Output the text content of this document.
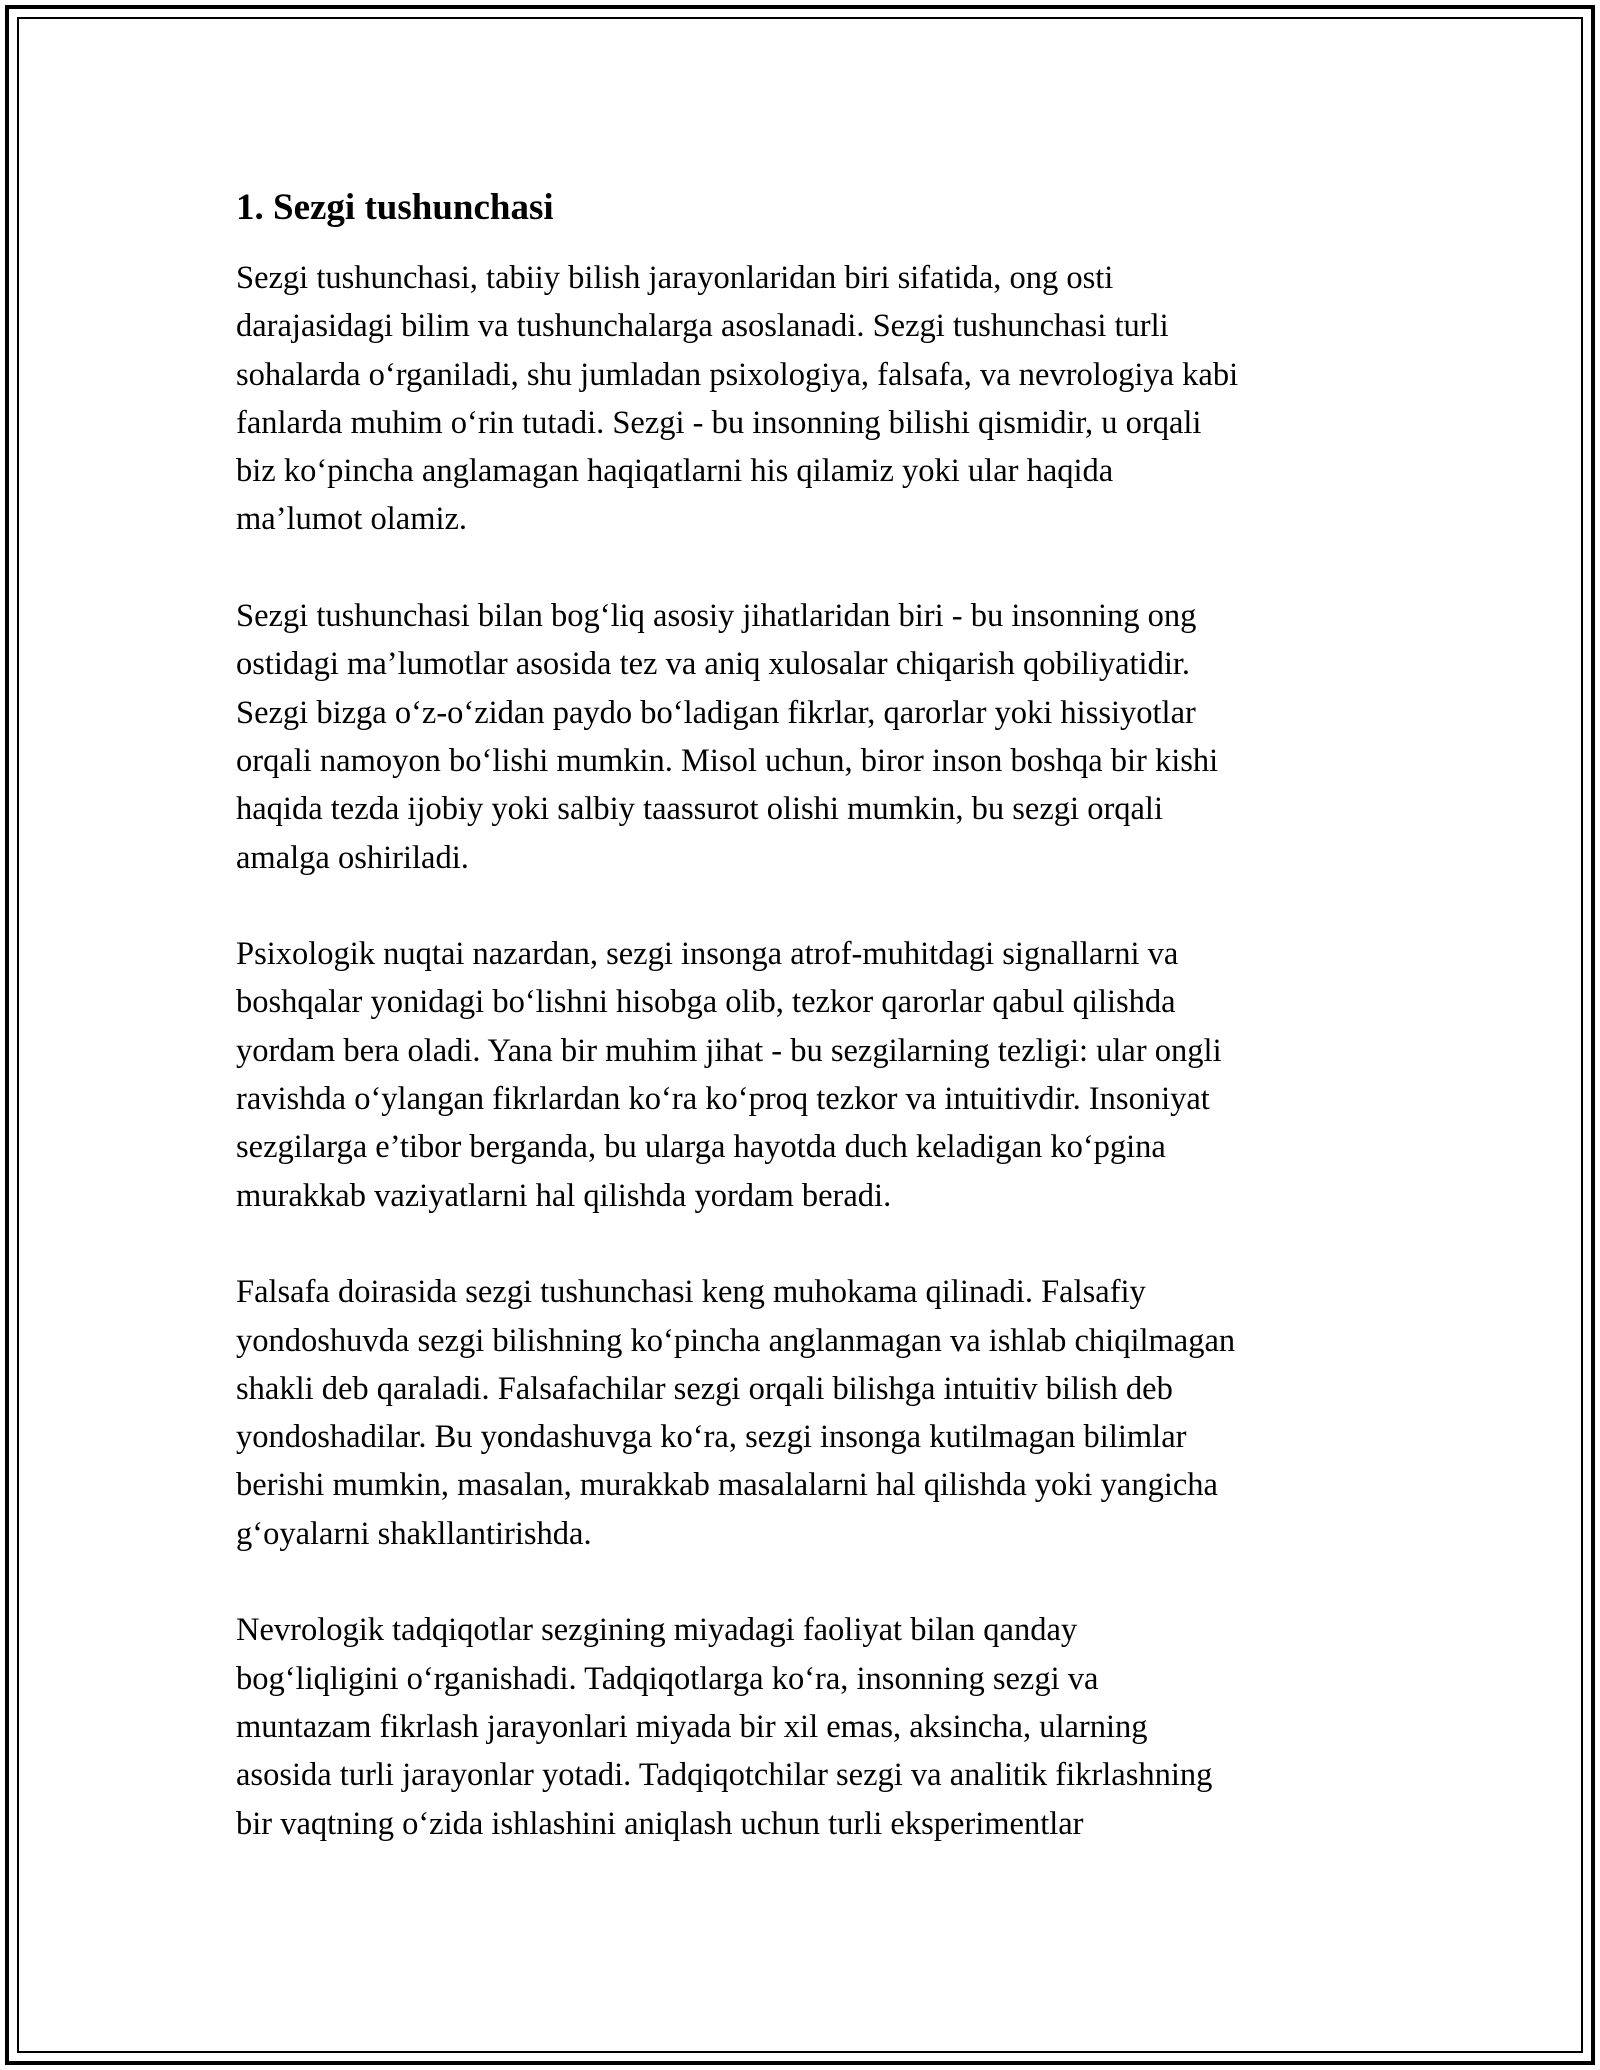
1. Sezgi tushunchasi
Sezgi tushunchasi, tabiiy bilish jarayonlaridan biri sifatida, ong osti
darajasidagi bilim va tushunchalarga asoslanadi. Sezgi tushunchasi turli
sohalarda o‘rganiladi, shu jumladan psixologiya, falsafa, va nevrologiya kabi
fanlarda muhim o‘rin tutadi. Sezgi - bu insonning bilishi qismidir, u orqali
biz ko‘pincha anglamagan haqiqatlarni his qilamiz yoki ular haqida
ma’lumot olamiz.
Sezgi tushunchasi bilan bog‘liq asosiy jihatlaridan biri - bu insonning ong
ostidagi ma’lumotlar asosida tez va aniq xulosalar chiqarish qobiliyatidir.
Sezgi bizga o‘z-o‘zidan paydo bo‘ladigan fikrlar, qarorlar yoki hissiyotlar
orqali namoyon bo‘lishi mumkin. Misol uchun, biror inson boshqa bir kishi
haqida tezda ijobiy yoki salbiy taassurot olishi mumkin, bu sezgi orqali
amalga oshiriladi.
Psixologik nuqtai nazardan, sezgi insonga atrof-muhitdagi signallarni va
boshqalar yonidagi bo‘lishni hisobga olib, tezkor qarorlar qabul qilishda
yordam bera oladi. Yana bir muhim jihat - bu sezgilarning tezligi: ular ongli
ravishda o‘ylangan fikrlardan ko‘ra ko‘proq tezkor va intuitivdir. Insoniyat
sezgilarga e’tibor berganda, bu ularga hayotda duch keladigan ko‘pgina
murakkab vaziyatlarni hal qilishda yordam beradi.
Falsafa doirasida sezgi tushunchasi keng muhokama qilinadi. Falsafiy
yondoshuvda sezgi bilishning ko‘pincha anglanmagan va ishlab chiqilmagan
shakli deb qaraladi. Falsafachilar sezgi orqali bilishga intuitiv bilish deb
yondoshadilar. Bu yondashuvga ko‘ra, sezgi insonga kutilmagan bilimlar
berishi mumkin, masalan, murakkab masalalarni hal qilishda yoki yangicha
g‘oyalarni shakllantirishda.
Nevrologik tadqiqotlar sezgining miyadagi faoliyat bilan qanday
bog‘liqligini o‘rganishadi. Tadqiqotlarga ko‘ra, insonning sezgi va
muntazam fikrlash jarayonlari miyada bir xil emas, aksincha, ularning
asosida turli jarayonlar yotadi. Tadqiqotchilar sezgi va analitik fikrlashning
bir vaqtning o‘zida ishlashini aniqlash uchun turli eksperimentlar
